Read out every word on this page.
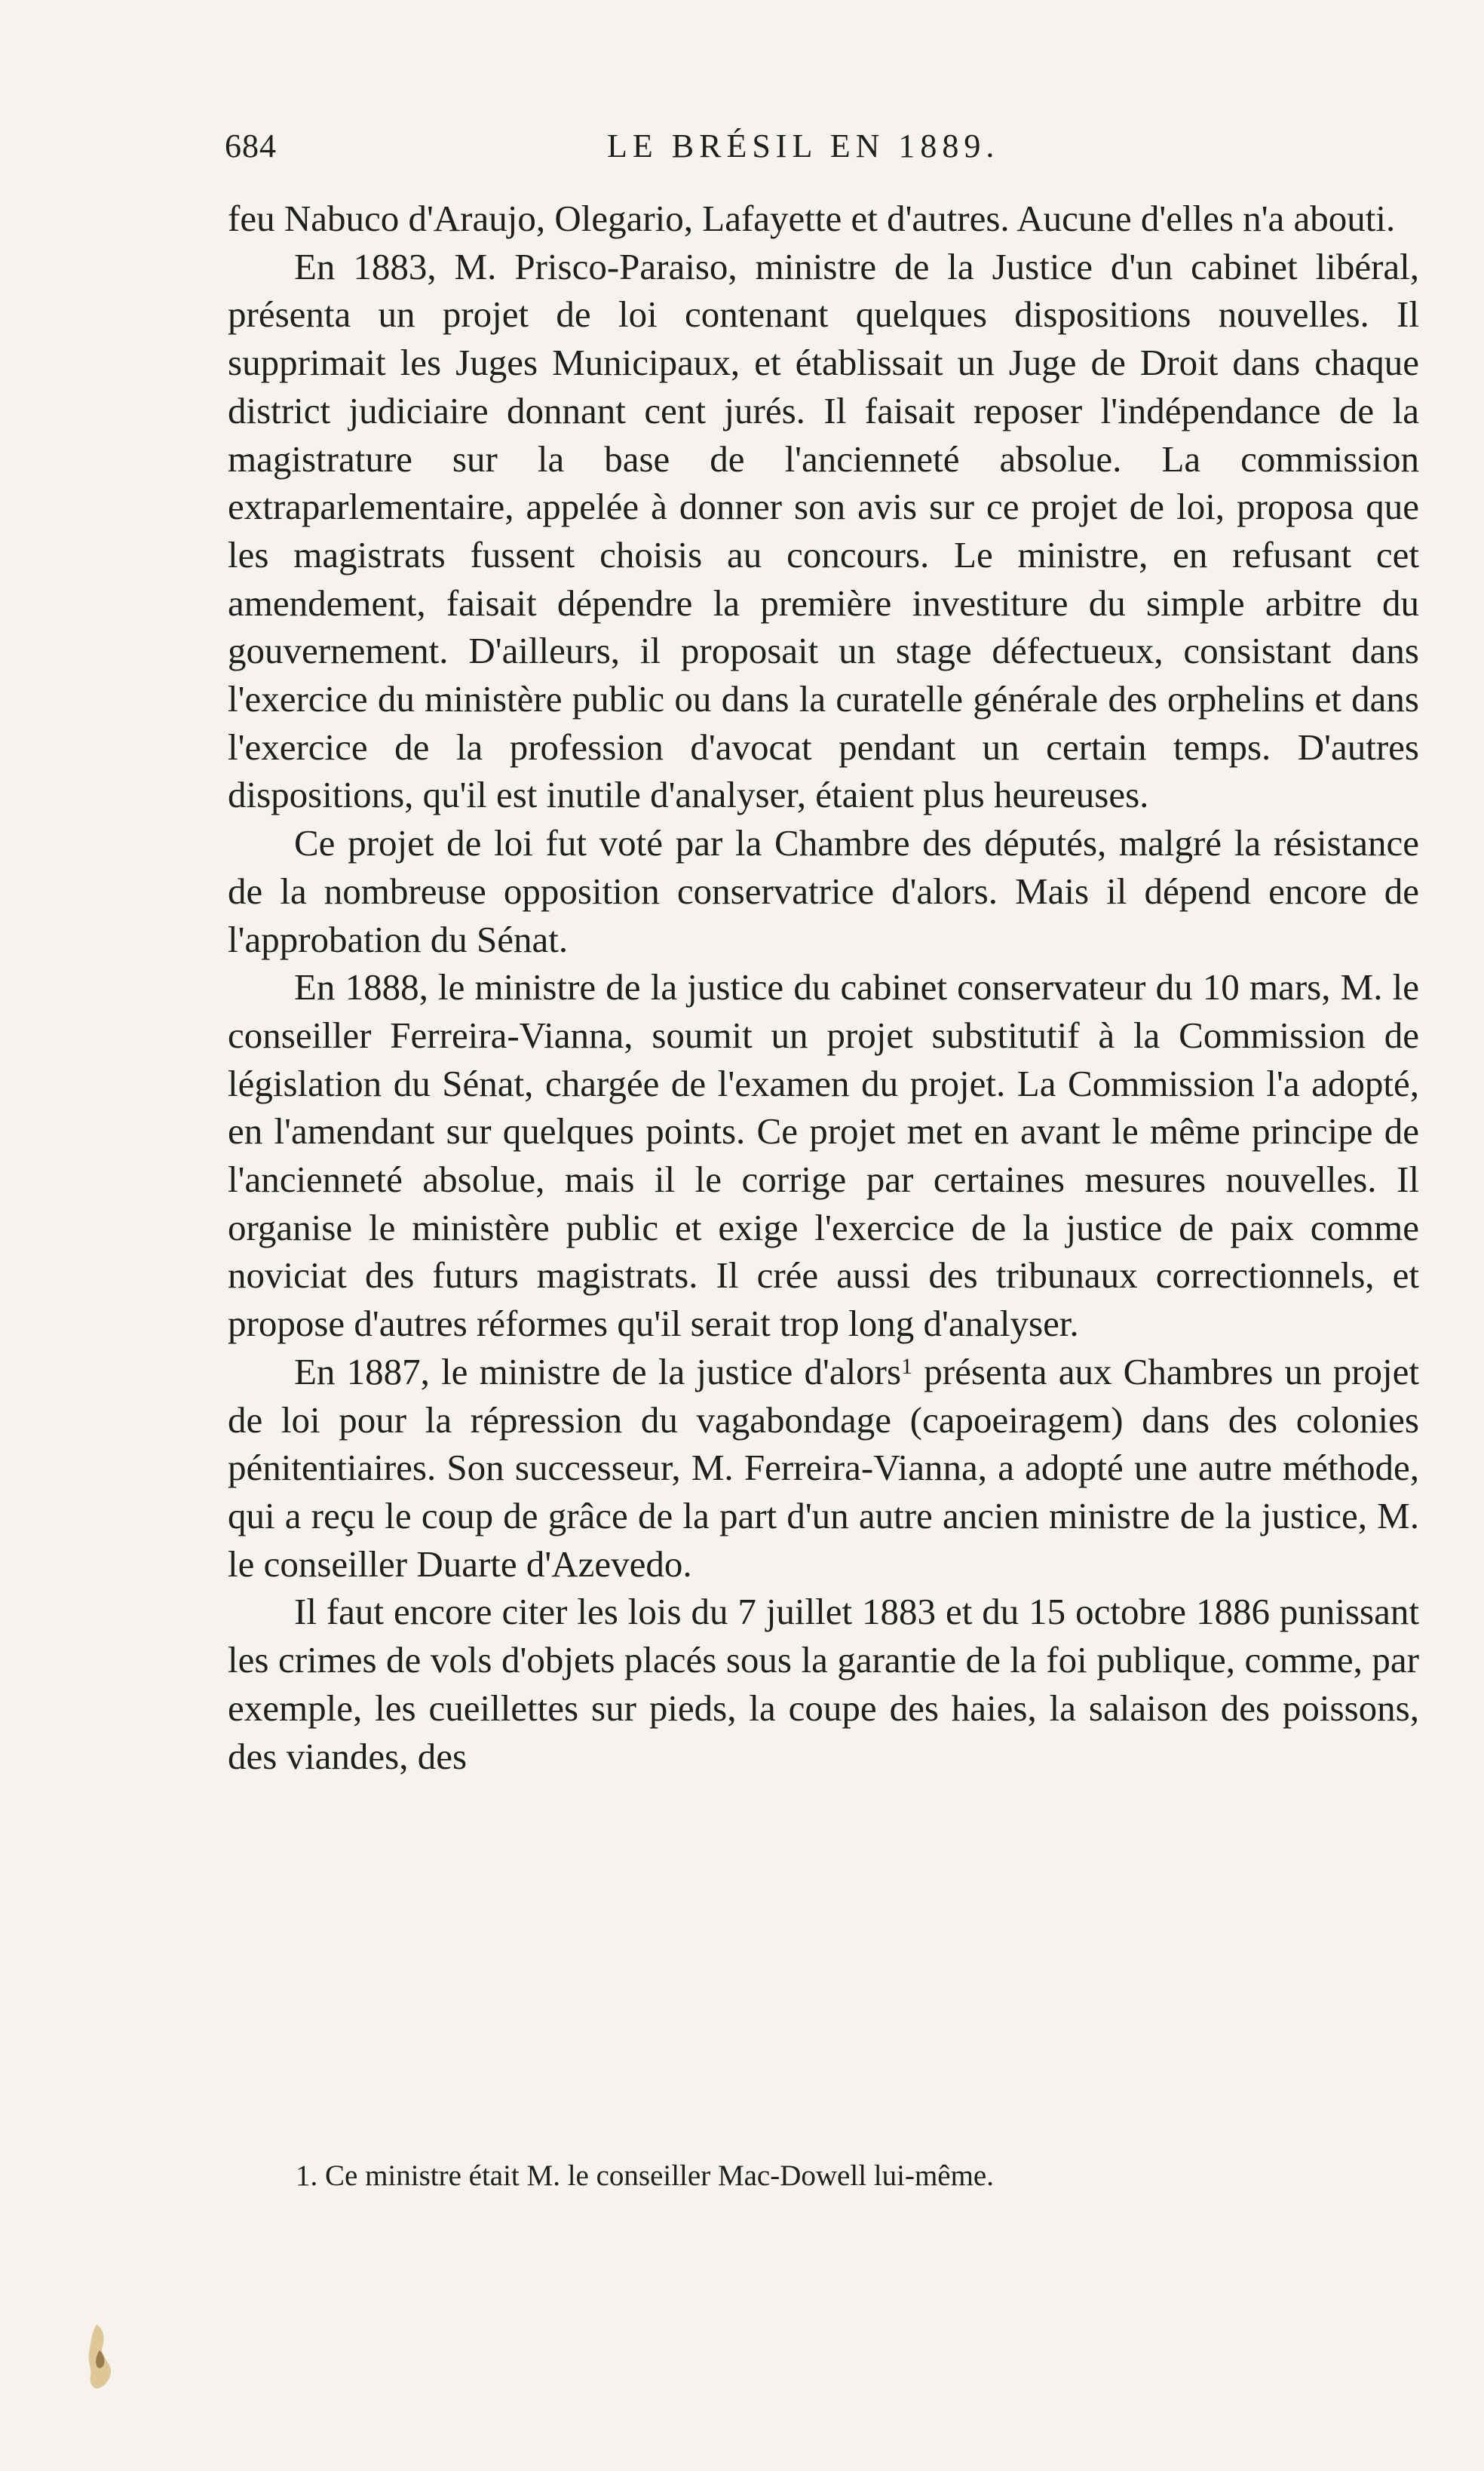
684	LE BRÉSIL EN 1889.

feu Nabuco d'Araujo, Olegario, Lafayette et d'autres. Aucune d'elles n'a abouti.

En 1883, M. Prisco-Paraiso, ministre de la Justice d'un cabinet libéral, présenta un projet de loi contenant quelques dispositions nouvelles. Il supprimait les Juges Municipaux, et établissait un Juge de Droit dans chaque district judiciaire donnant cent jurés. Il faisait reposer l'indépendance de la magistrature sur la base de l'ancienneté absolue. La commission extraparlementaire, appelée à donner son avis sur ce projet de loi, proposa que les magistrats fussent choisis au concours. Le ministre, en refusant cet amendement, faisait dépendre la première investiture du simple arbitre du gouvernement. D'ailleurs, il proposait un stage défectueux, consistant dans l'exercice du ministère public ou dans la curatelle générale des orphelins et dans l'exercice de la profession d'avocat pendant un certain temps. D'autres dispositions, qu'il est inutile d'analyser, étaient plus heureuses.

Ce projet de loi fut voté par la Chambre des députés, malgré la résistance de la nombreuse opposition conservatrice d'alors. Mais il dépend encore de l'approbation du Sénat.

En 1888, le ministre de la justice du cabinet conservateur du 10 mars, M. le conseiller Ferreira-Vianna, soumit un projet substitutif à la Commission de législation du Sénat, chargée de l'examen du projet. La Commission l'a adopté, en l'amendant sur quelques points. Ce projet met en avant le même principe de l'ancienneté absolue, mais il le corrige par certaines mesures nouvelles. Il organise le ministère public et exige l'exercice de la justice de paix comme noviciat des futurs magistrats. Il crée aussi des tribunaux correctionnels, et propose d'autres réformes qu'il serait trop long d'analyser.

En 1887, le ministre de la justice d'alors$^1$ présenta aux Chambres un projet de loi pour la répression du vagabondage (capoeiragem) dans des colonies pénitentiaires. Son successeur, M. Ferreira-Vianna, a adopté une autre méthode, qui a reçu le coup de grâce de la part d'un autre ancien ministre de la justice, M. le conseiller Duarte d'Azevedo.

Il faut encore citer les lois du 7 juillet 1883 et du 15 octobre 1886 punissant les crimes de vols d'objets placés sous la garantie de la foi publique, comme, par exemple, les cueillettes sur pieds, la coupe des haies, la salaison des poissons, des viandes, des

1. Ce ministre était M. le conseiller Mac-Dowell lui-même.
